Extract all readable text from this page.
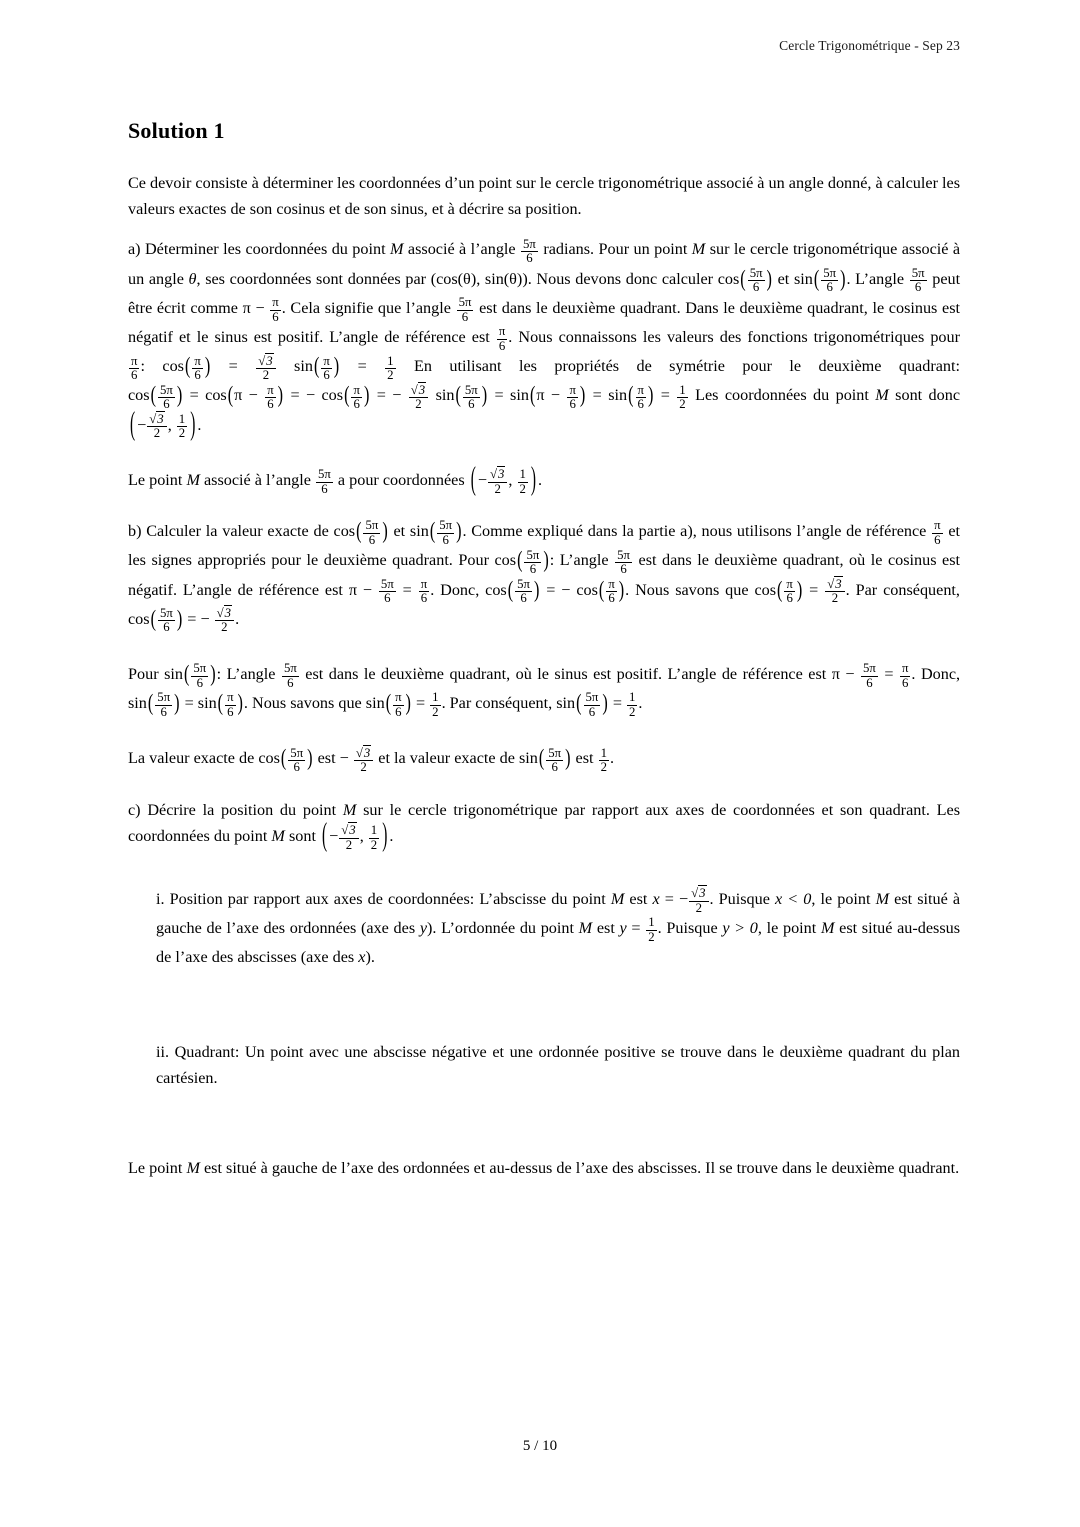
Cercle Trigonométrique - Sep 23
Solution 1

Ce devoir consiste à déterminer les coordonnées d’un point sur le cercle trigonométrique associé à un angle donné, à calculer les valeurs exactes de son cosinus et de son sinus, et à décrire sa position.

a) Déterminer les coordonnées du point M associé à l’angle $\frac{5\pi}{6}$ radians. Pour un point M sur le cercle trigonométrique associé à un angle θ, ses coordonnées sont données par (cos(θ), sin(θ)). Nous devons donc calculer $\cos( \frac{5\pi}{6}$ ) et $\sin( \frac{5\pi}{6}$ ). L’angle $\frac{5\pi}{6}$ peut être écrit comme $\pi - \frac{\pi}{6}$ . Cela signifie que l’angle $\frac{5\pi}{6}$ est dans le deuxième quadrant. Dans le deuxième quadrant, le cosinus est négatif et le sinus est positif. L’angle de référence est $\frac{\pi}{6}$ . Nous connaissons les valeurs des fonctions trigonométriques pour
$\frac{\pi}{6}$ : $\cos( \frac{\pi}{6}$ ) = $\frac{√3}{2} \sin( \frac{\pi}{6}$ ) = $\frac{1}{2}$ En utilisant les propriétés de symétrie pour le deuxième quadrant: $\cos( \frac{5\pi}{6}$ ) = $\cos(\pi - \frac{\pi}{6}$ ) = − $\cos( \frac{\pi}{6}$ ) = − $\frac{√3}{2} \sin( \frac{5\pi}{6}$ ) = $\sin(\pi - \frac{\pi}{6}$ ) = $\sin( \frac{\pi}{6}$ ) = $\frac{1}{2}$ Les coordonnées du point M sont donc ( − $\frac{√3}{2}$ , $\frac{1}{2}$ ) .

Le point M associé à l’angle $\frac{5\pi}{6}$ a pour coordonnées ( − $\frac{√3}{2}$ , $\frac{1}{2}$ ) .

b) Calculer la valeur exacte de $\cos( \frac{5\pi}{6}$ ) et $\sin( \frac{5\pi}{6}$ ). Comme expliqué dans la partie a), nous utilisons l’angle de référence $\frac{\pi}{6}$ et les signes appropriés pour le deuxième quadrant. Pour $\cos( \frac{5\pi}{6}$ ): L’angle $\frac{5\pi}{6}$ est dans le deuxième quadrant, où le cosinus est négatif. L’angle de référence est $\pi - \frac{5\pi}{6} = \frac{\pi}{6}$ . Donc, $\cos( \frac{5\pi}{6}$ ) = − $\cos( \frac{\pi}{6}$ ). Nous savons que $\cos( \frac{\pi}{6}$ ) = $\frac{√3}{2}$ . Par conséquent, $\cos( \frac{5\pi}{6}$ ) = − $\frac{√3}{2}$ .

Pour $\sin( \frac{5\pi}{6}$ ): L’angle $\frac{5\pi}{6}$ est dans le deuxième quadrant, où le sinus est positif. L’angle de référence est $\pi - \frac{5\pi}{6} = \frac{\pi}{6}$ . Donc, $\sin( \frac{5\pi}{6}$ ) = $\sin( \frac{\pi}{6}$ ). Nous savons que $\sin( \frac{\pi}{6}$ ) = $\frac{1}{2}$ . Par conséquent, $\sin( \frac{5\pi}{6}$ ) = $\frac{1}{2}$ .

La valeur exacte de $\cos( \frac{5\pi}{6}$ ) est − $\frac{√3}{2}$ et la valeur exacte de $\sin( \frac{5\pi}{6}$ ) est $\frac{1}{2}$ .

c) Décrire la position du point M sur le cercle trigonométrique par rapport aux axes de coordonnées et son quadrant. Les coordonnées du point M sont ( − $\frac{√3}{2}$ , $\frac{1}{2}$ ) .

i. Position par rapport aux axes de coordonnées: L’abscisse du point M est x = − $\frac{√3}{2}$ . Puisque x < 0, le point M est situé à gauche de l’axe des ordonnées (axe des y). L’ordonnée du point M est $y = \frac{1}{2}$ . Puisque y > 0, le point M est situé au-dessus de l’axe des abscisses (axe des x).

ii. Quadrant: Un point avec une abscisse négative et une ordonnée positive se trouve dans le deuxième quadrant du plan cartésien.

Le point M est situé à gauche de l’axe des ordonnées et au-dessus de l’axe des abscisses. Il se trouve dans le deuxième quadrant.

5 / 10
